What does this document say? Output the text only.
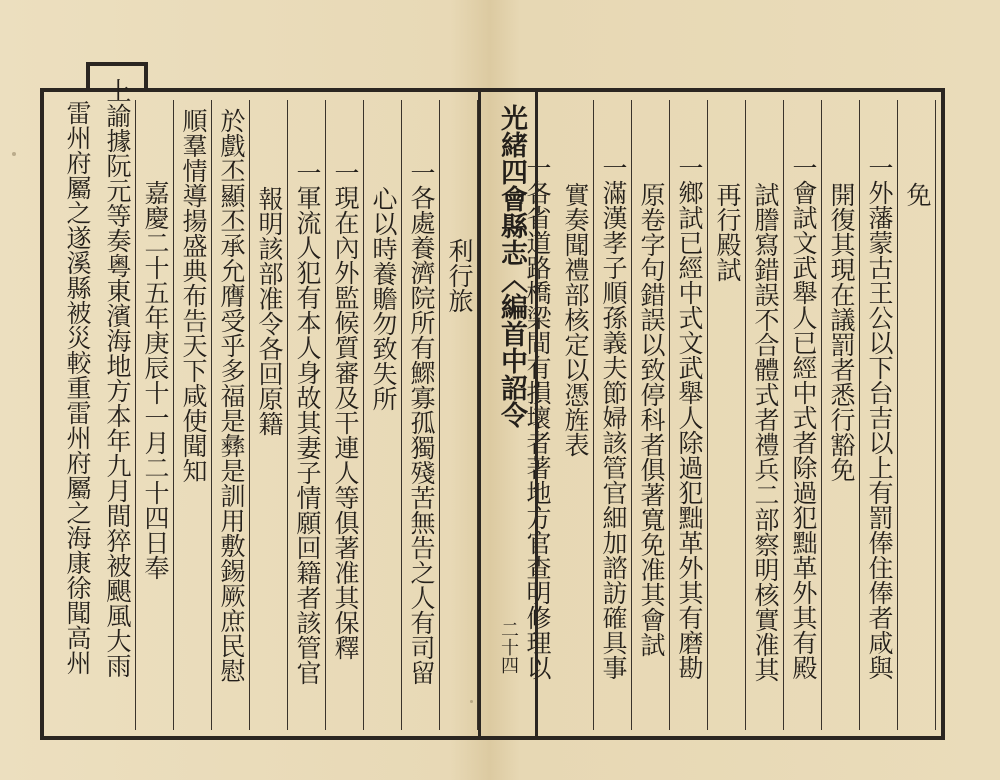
免
一外藩蒙古王公以下台吉以上有罰俸住俸者咸與
開復其現在議罰者悉行豁免
一會試文武舉人已經中式者除過犯黜革外其有殿
試謄寫錯誤不合體式者禮兵二部察明核實准其
再行殿試
一鄉試已經中式文武舉人除過犯黜革外其有磨勘
原卷字句錯誤以致停科者俱著寬免准其會試
一滿漢孝子順孫義夫節婦該管官細加諮訪確具事
實奏聞禮部核定以憑旌表
一各省道路橋梁間有損壞者著地方官查明修理以
光緒四會縣志〈編首中詔令
二十四
利行旅
一各處養濟院所有鰥寡孤獨殘苦無告之人有司留
心以時養贍勿致失所
一現在內外監候質審及干連人等俱著准其保釋
一軍流人犯有本人身故其妻子情願回籍者該管官
報明該部准令各回原籍
於戲丕顯丕承允膺受乎多福是彝是訓用敷錫厥庶民慰
順羣情導揚盛典布告天下咸使聞知
嘉慶二十五年庚辰十一月二十四日奉
上諭據阮元等奏粵東濱海地方本年九月間猝被颶風大雨
雷州府屬之遂溪縣被災較重雷州府屬之海康徐聞高州
